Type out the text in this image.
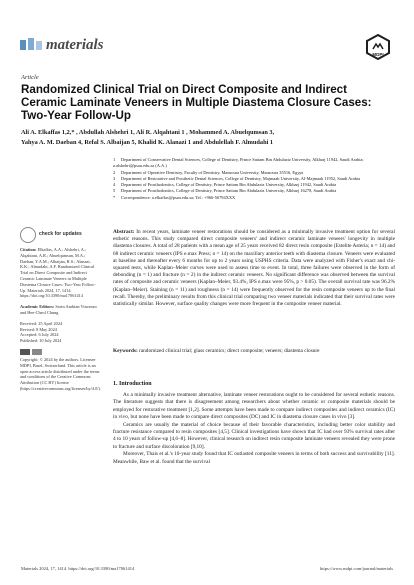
materials
MDPI
Article
Randomized Clinical Trial on Direct Composite and Indirect Ceramic Laminate Veneers in Multiple Diastema Closure Cases: Two-Year Follow-Up
Ali A. Elkaffas 1,2,* , Abdullah Alshehri 1, Ali R. Alqahtani 1 , Mohammed A. Abuelqumsan 3,
Yahya A. M. Daeban 4, Refal S. Albaijan 5, Khalid K. Alanazi 1 and Abdulellah F. Almudahi 1
1 Department of Conservative Dental Sciences, College of Dentistry, Prince Sattam Bin Abdulaziz University, Alkharj 11942, Saudi Arabia; a.alshehri@psau.edu.sa (A.A.)
2 Department of Operative Dentistry, Faculty of Dentistry, Mansoura University, Mansoura 35516, Egypt
3 Department of Restorative and Prosthetic Dental Sciences, College of Dentistry, Majmaah University, Al-Majmaah 11952, Saudi Arabia
4 Department of Prosthodontics, College of Dentistry, Prince Sattam Bin Abdulaziz University, Alkharj 11942, Saudi Arabia
5 Department of Prosthodontics, College of Dentistry, Prince Sattam Bin Abdulaziz University, Alkharj 16278, Saudi Arabia
* Correspondence: a.elkaffas@psau.edu.sa; Tel.: +966-56794XXX
check for updates
Citation: Elkaffas, A.A.; Alshehri, A.; Alqahtani, A.R.; Abuelqumsan, M.A.; Daeban, Y.A.M.; Albaijan, R.S.; Alanazi, K.K.; Almudahi, A.F. Randomized Clinical Trial on Direct Composite and Indirect Ceramic Laminate Veneers in Multiple Diastema Closure Cases: Two-Year Follow-Up. Materials 2024, 17, 1414. https://doi.org/10.3390/ma17061414
Academic Editors: Sorin Andrian Vincenzo and Hee-Cheol Chung
Received: 25 April 2024
Revised: 8 May 2024
Accepted: 6 July 2024
Published: 10 July 2024
Copyright: © 2024 by the authors. Licensee MDPI, Basel, Switzerland. This article is an open access article distributed under the terms and conditions of the Creative Commons Attribution (CC BY) license (https://creativecommons.org/licenses/by/4.0/).
Abstract: In recent years, laminate veneer restorations should be considered as a minimally invasive treatment option for several esthetic reasons. This study compared direct composite veneers' and indirect ceramic laminate veneers' longevity in multiple diastema closures. A total of 28 patients with a mean age of 25 years received 82 direct resin composite (Estelite Asteria; n = 14) and 68 indirect ceramic veneers (IPS e.max Press; n = 14) on the maxillary anterior teeth with diastema closure. Veneers were evaluated at baseline and thereafter every 6 months for up to 2 years using USPHS criteria. Data were analyzed with Fisher's exact and chi-squared tests, while Kaplan–Meier curves were used to assess time to event. In total, three failures were observed in the form of debonding (n = 1) and fracture (n = 2) in the indirect ceramic veneers. No significant difference was observed between the survival rates of composite and ceramic veneers (Kaplan–Meier, 93.4%, IPS e.max were 95%, p > 0.05). The overall survival rate was 96.2% (Kaplan–Meier). Staining (n = 11) and roughness (n = 14) were frequently observed for the resin composite veneers up to the final recall. Thereby, the preliminary results from this clinical trial comparing two veneer materials indicated that their survival rates were statistically similar. However, surface quality changes were more frequent in the composite veneer material.
Keywords: randomized clinical trial; glass ceramics; direct composite; veneers; diastema closure
1. Introduction

As a minimally invasive treatment alternative, laminate veneer restorations ought to be considered for several esthetic reasons. The literature suggests that there is disagreement among researchers about whether ceramic or composite materials should be employed for restorative treatment [1,2]. Some attempts have been made to compare indirect composites and indirect ceramics (IC) in vivo, but none have been made to compare direct composites (DC) and IC in diastema closure cases in vivo [3].

Ceramics are usually the material of choice because of their favorable characteristics, including better color stability and fracture resistance compared to resin composites [4,5]. Clinical investigations have shown that IC had over 93% survival rates after 4 to 10 years of follow-up [4,6–8]. However, clinical research on indirect resin composite laminate veneers revealed they were prone to fracture and surface discoloration [9,10].

Moreover, Thais et al.'s 10-year study found that IC outlasted composite veneers in terms of both success and survivability [11]. Meanwhile, Baw et al. found that the survival

Materials 2024, 17, 1414. https://doi.org/10.3390/ma17061414	https://www.mdpi.com/journal/materials
